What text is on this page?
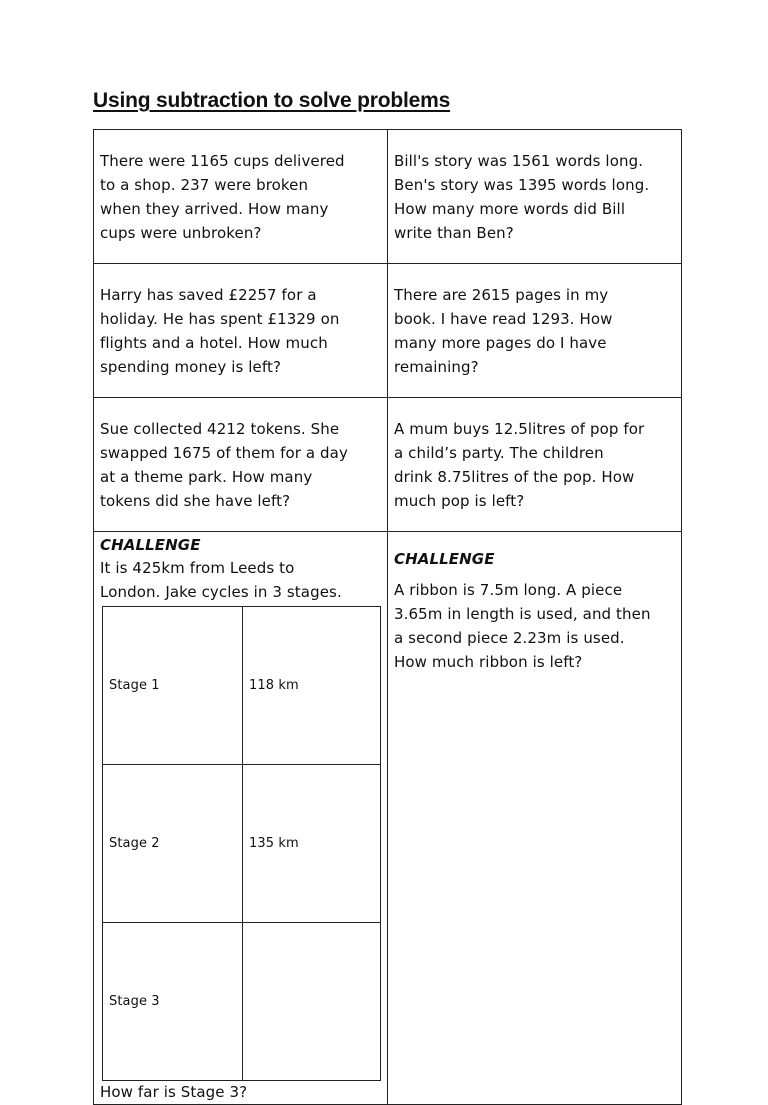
Using subtraction to solve problems
There were 1165 cups delivered
to a shop. 237 were broken
when they arrived. How many
cups were unbroken?

Bill's story was 1561 words long.
Ben's story was 1395 words long.
How many more words did Bill
write than Ben?

Harry has saved £2257 for a
holiday. He has spent £1329 on
flights and a hotel. How much
spending money is left?

There are 2615 pages in my
book. I have read 1293. How
many more pages do I have
remaining?

Sue collected 4212 tokens. She
swapped 1675 of them for a day
at a theme park. How many
tokens did she have left?

A mum buys 12.5litres of pop for
a child’s party. The children
drink 8.75litres of the pop. How
much pop is left?

CHALLENGE
It is 425km from Leeds to
London. Jake cycles in 3 stages.
Stage 1	118 km
Stage 2	135 km
Stage 3	
How far is Stage 3?

CHALLENGE
A ribbon is 7.5m long. A piece
3.65m in length is used, and then
a second piece 2.23m is used.
How much ribbon is left?
